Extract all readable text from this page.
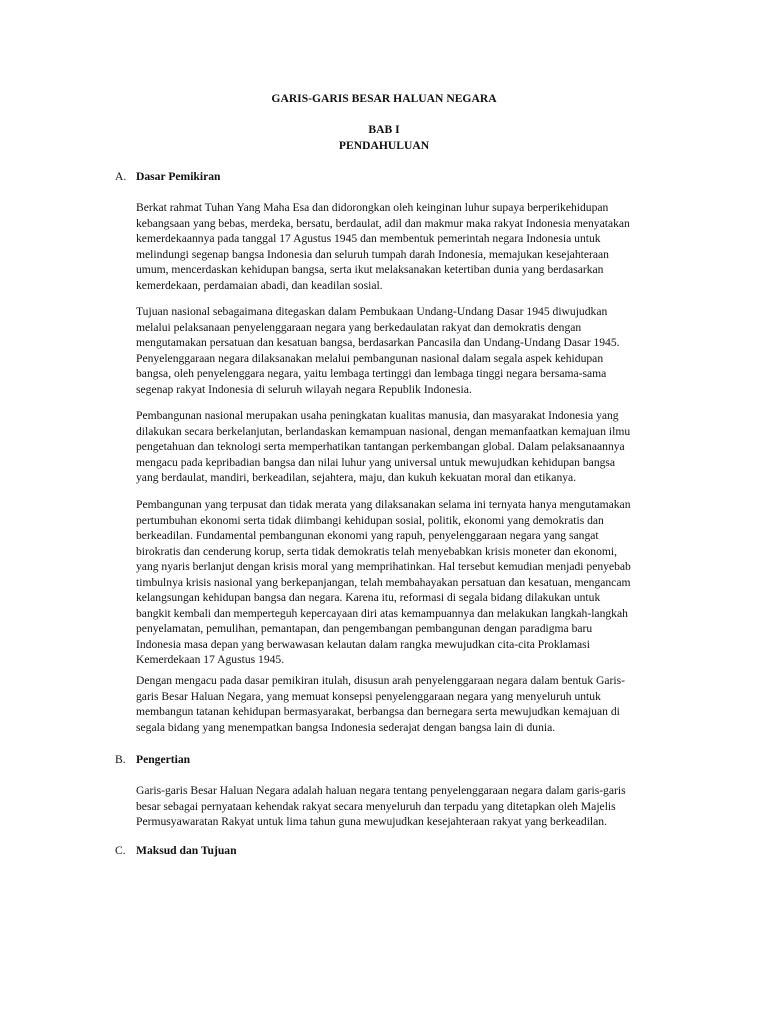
GARIS-GARIS BESAR HALUAN NEGARA
BAB I
PENDAHULUAN
A. Dasar Pemikiran
Berkat rahmat Tuhan Yang Maha Esa dan didorongkan oleh keinginan luhur supaya berperikehidupan
kebangsaan yang bebas, merdeka, bersatu, berdaulat, adil dan makmur maka rakyat Indonesia menyatakan
kemerdekaannya pada tanggal 17 Agustus 1945 dan membentuk pemerintah negara Indonesia untuk
melindungi segenap bangsa Indonesia dan seluruh tumpah darah Indonesia, memajukan kesejahteraan
umum, mencerdaskan kehidupan bangsa, serta ikut melaksanakan ketertiban dunia yang berdasarkan
kemerdekaan, perdamaian abadi, dan keadilan sosial.
Tujuan nasional sebagaimana ditegaskan dalam Pembukaan Undang-Undang Dasar 1945 diwujudkan
melalui pelaksanaan penyelenggaraan negara yang berkedaulatan rakyat dan demokratis dengan
mengutamakan persatuan dan kesatuan bangsa, berdasarkan Pancasila dan Undang-Undang Dasar 1945.
Penyelenggaraan negara dilaksanakan melalui pembangunan nasional dalam segala aspek kehidupan
bangsa, oleh penyelenggara negara, yaitu lembaga tertinggi dan lembaga tinggi negara bersama-sama
segenap rakyat Indonesia di seluruh wilayah negara Republik Indonesia.
Pembangunan nasional merupakan usaha peningkatan kualitas manusia, dan masyarakat Indonesia yang
dilakukan secara berkelanjutan, berlandaskan kemampuan nasional, dengan memanfaatkan kemajuan ilmu
pengetahuan dan teknologi serta memperhatikan tantangan perkembangan global. Dalam pelaksanaannya
mengacu pada kepribadian bangsa dan nilai luhur yang universal untuk mewujudkan kehidupan bangsa
yang berdaulat, mandiri, berkeadilan, sejahtera, maju, dan kukuh kekuatan moral dan etikanya.
Pembangunan yang terpusat dan tidak merata yang dilaksanakan selama ini ternyata hanya mengutamakan
pertumbuhan ekonomi serta tidak diimbangi kehidupan sosial, politik, ekonomi yang demokratis dan
berkeadilan. Fundamental pembangunan ekonomi yang rapuh, penyelenggaraan negara yang sangat
birokratis dan cenderung korup, serta tidak demokratis telah menyebabkan krisis moneter dan ekonomi,
yang nyaris berlanjut dengan krisis moral yang memprihatinkan. Hal tersebut kemudian menjadi penyebab
timbulnya krisis nasional yang berkepanjangan, telah membahayakan persatuan dan kesatuan, mengancam
kelangsungan kehidupan bangsa dan negara. Karena itu, reformasi di segala bidang dilakukan untuk
bangkit kembali dan memperteguh kepercayaan diri atas kemampuannya dan melakukan langkah-langkah
penyelamatan, pemulihan, pemantapan, dan pengembangan pembangunan dengan paradigma baru
Indonesia masa depan yang berwawasan kelautan dalam rangka mewujudkan cita-cita Proklamasi
Kemerdekaan 17 Agustus 1945.
Dengan mengacu pada dasar pemikiran itulah, disusun arah penyelenggaraan negara dalam bentuk Garis-
garis Besar Haluan Negara, yang memuat konsepsi penyelenggaraan negara yang menyeluruh untuk
membangun tatanan kehidupan bermasyarakat, berbangsa dan bernegara serta mewujudkan kemajuan di
segala bidang yang menempatkan bangsa Indonesia sederajat dengan bangsa lain di dunia.
B. Pengertian
Garis-garis Besar Haluan Negara adalah haluan negara tentang penyelenggaraan negara dalam garis-garis
besar sebagai pernyataan kehendak rakyat secara menyeluruh dan terpadu yang ditetapkan oleh Majelis
Permusyawaratan Rakyat untuk lima tahun guna mewujudkan kesejahteraan rakyat yang berkeadilan.
C. Maksud dan Tujuan
